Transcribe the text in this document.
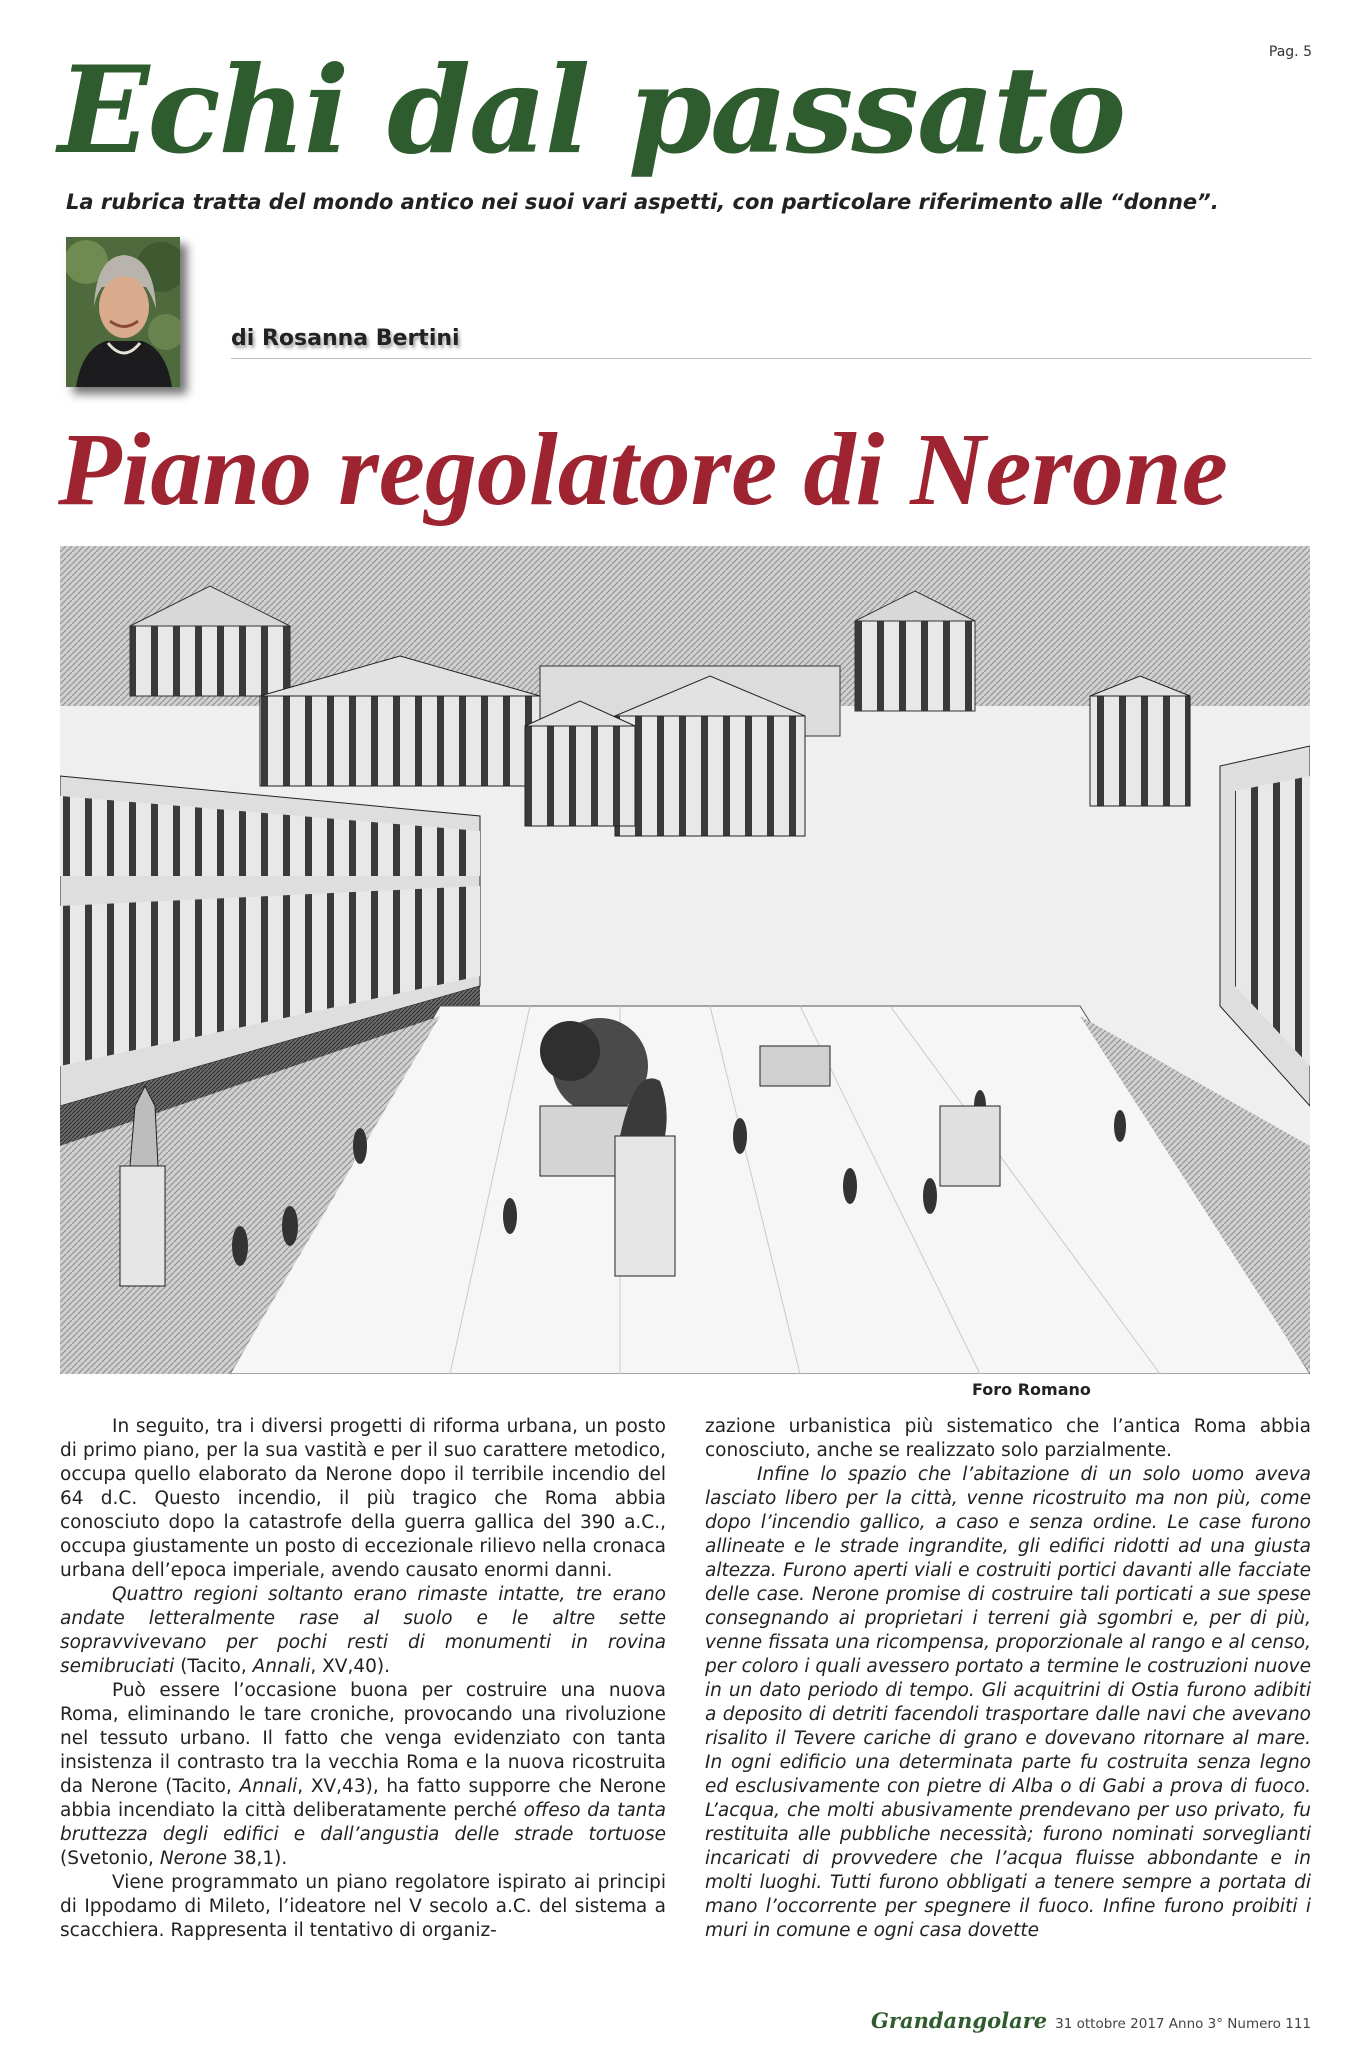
Pag. 5
Echi dal passato
La rubrica tratta del mondo antico nei suoi vari aspetti, con particolare riferimento alle “donne”.
di Rosanna Bertini
Piano regolatore di Nerone
Foro Romano

In seguito, tra i diversi progetti di riforma urbana, un posto di primo piano, per la sua vastità e per il suo carattere metodico, occupa quello elaborato da Nerone dopo il terribile incendio del 64 d.C. Questo incendio, il più tragico che Roma abbia conosciuto dopo la catastrofe della guerra gallica del 390 a.C., occupa giustamente un posto di eccezionale rilievo nella cronaca urbana dell’epoca imperiale, avendo causato enormi danni.

Quattro regioni soltanto erano rimaste intatte, tre erano andate letteralmente rase al suolo e le altre sette sopravvivevano per pochi resti di monumenti in rovina semibruciati (Tacito, Annali, XV,40).

Può essere l’occasione buona per costruire una nuova Roma, eliminando le tare croniche, provocando una rivoluzione nel tessuto urbano. Il fatto che venga evidenziato con tanta insistenza il contrasto tra la vecchia Roma e la nuova ricostruita da Nerone (Tacito, Annali, XV,43), ha fatto supporre che Nerone abbia incendiato la città deliberatamente perché offeso da tanta bruttezza degli edifici e dall’angustia delle strade tortuose (Svetonio, Nerone 38,1).

Viene programmato un piano regolatore ispirato ai principi di Ippodamo di Mileto, l’ideatore nel V secolo a.C. del sistema a scacchiera. Rappresenta il tentativo di organiz-

zazione urbanistica più sistematico che l’antica Roma abbia conosciuto, anche se realizzato solo parzialmente.

Infine lo spazio che l’abitazione di un solo uomo aveva lasciato libero per la città, venne ricostruito ma non più, come dopo l’incendio gallico, a caso e senza ordine. Le case furono allineate e le strade ingrandite, gli edifici ridotti ad una giusta altezza. Furono aperti viali e costruiti portici davanti alle facciate delle case. Nerone promise di costruire tali porticati a sue spese consegnando ai proprietari i terreni già sgombri e, per di più, venne fissata una ricompensa, proporzionale al rango e al censo, per coloro i quali avessero portato a termine le costruzioni nuove in un dato periodo di tempo. Gli acquitrini di Ostia furono adibiti a deposito di detriti facendoli trasportare dalle navi che avevano risalito il Tevere cariche di grano e dovevano ritornare al mare. In ogni edificio una determinata parte fu costruita senza legno ed esclusivamente con pietre di Alba o di Gabi a prova di fuoco. L’acqua, che molti abusivamente prendevano per uso privato, fu restituita alle pubbliche necessità; furono nominati sorveglianti incaricati di provvedere che l’acqua fluisse abbondante e in molti luoghi. Tutti furono obbligati a tenere sempre a portata di mano l’occorrente per spegnere il fuoco. Infine furono proibiti i muri in comune e ogni casa dovette

Grandangolare 31 ottobre 2017 Anno 3° Numero 111
